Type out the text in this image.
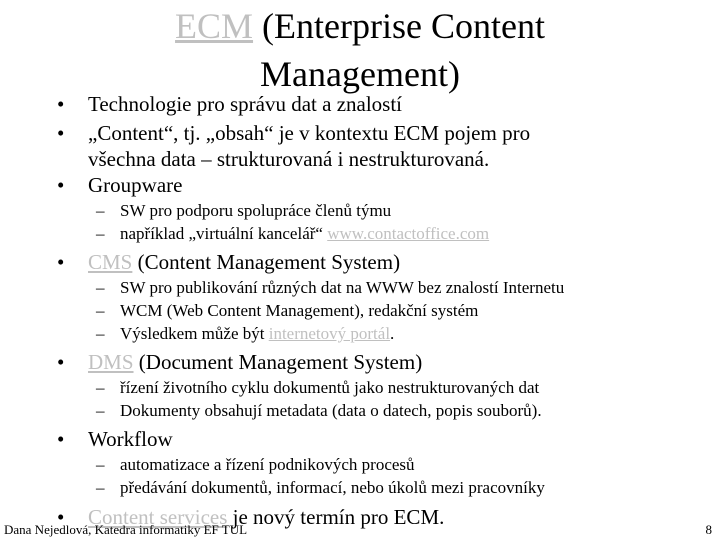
ECM (Enterprise Content
Management)
•	Technologie pro správu dat a znalostí
•	„Content“, tj. „obsah“ je v kontextu ECM pojem pro
všechna data – strukturovaná i nestrukturovaná.
•	Groupware
– SW pro podporu spolupráce členů týmu
– například „virtuální kancelář“ www.contactoffice.com
•	CMS (Content Management System)
– SW pro publikování různých dat na WWW bez znalostí Internetu
– WCM (Web Content Management), redakční systém
– Výsledkem může být internetový portál.
•	DMS (Document Management System)
– řízení životního cyklu dokumentů jako nestrukturovaných dat
– Dokumenty obsahují metadata (data o datech, popis souborů).
•	Workflow
– automatizace a řízení podnikových procesů
– předávání dokumentů, informací, nebo úkolů mezi pracovníky
•	Content services je nový termín pro ECM.
Dana Nejedlová, Katedra informatiky EF TUL	8
